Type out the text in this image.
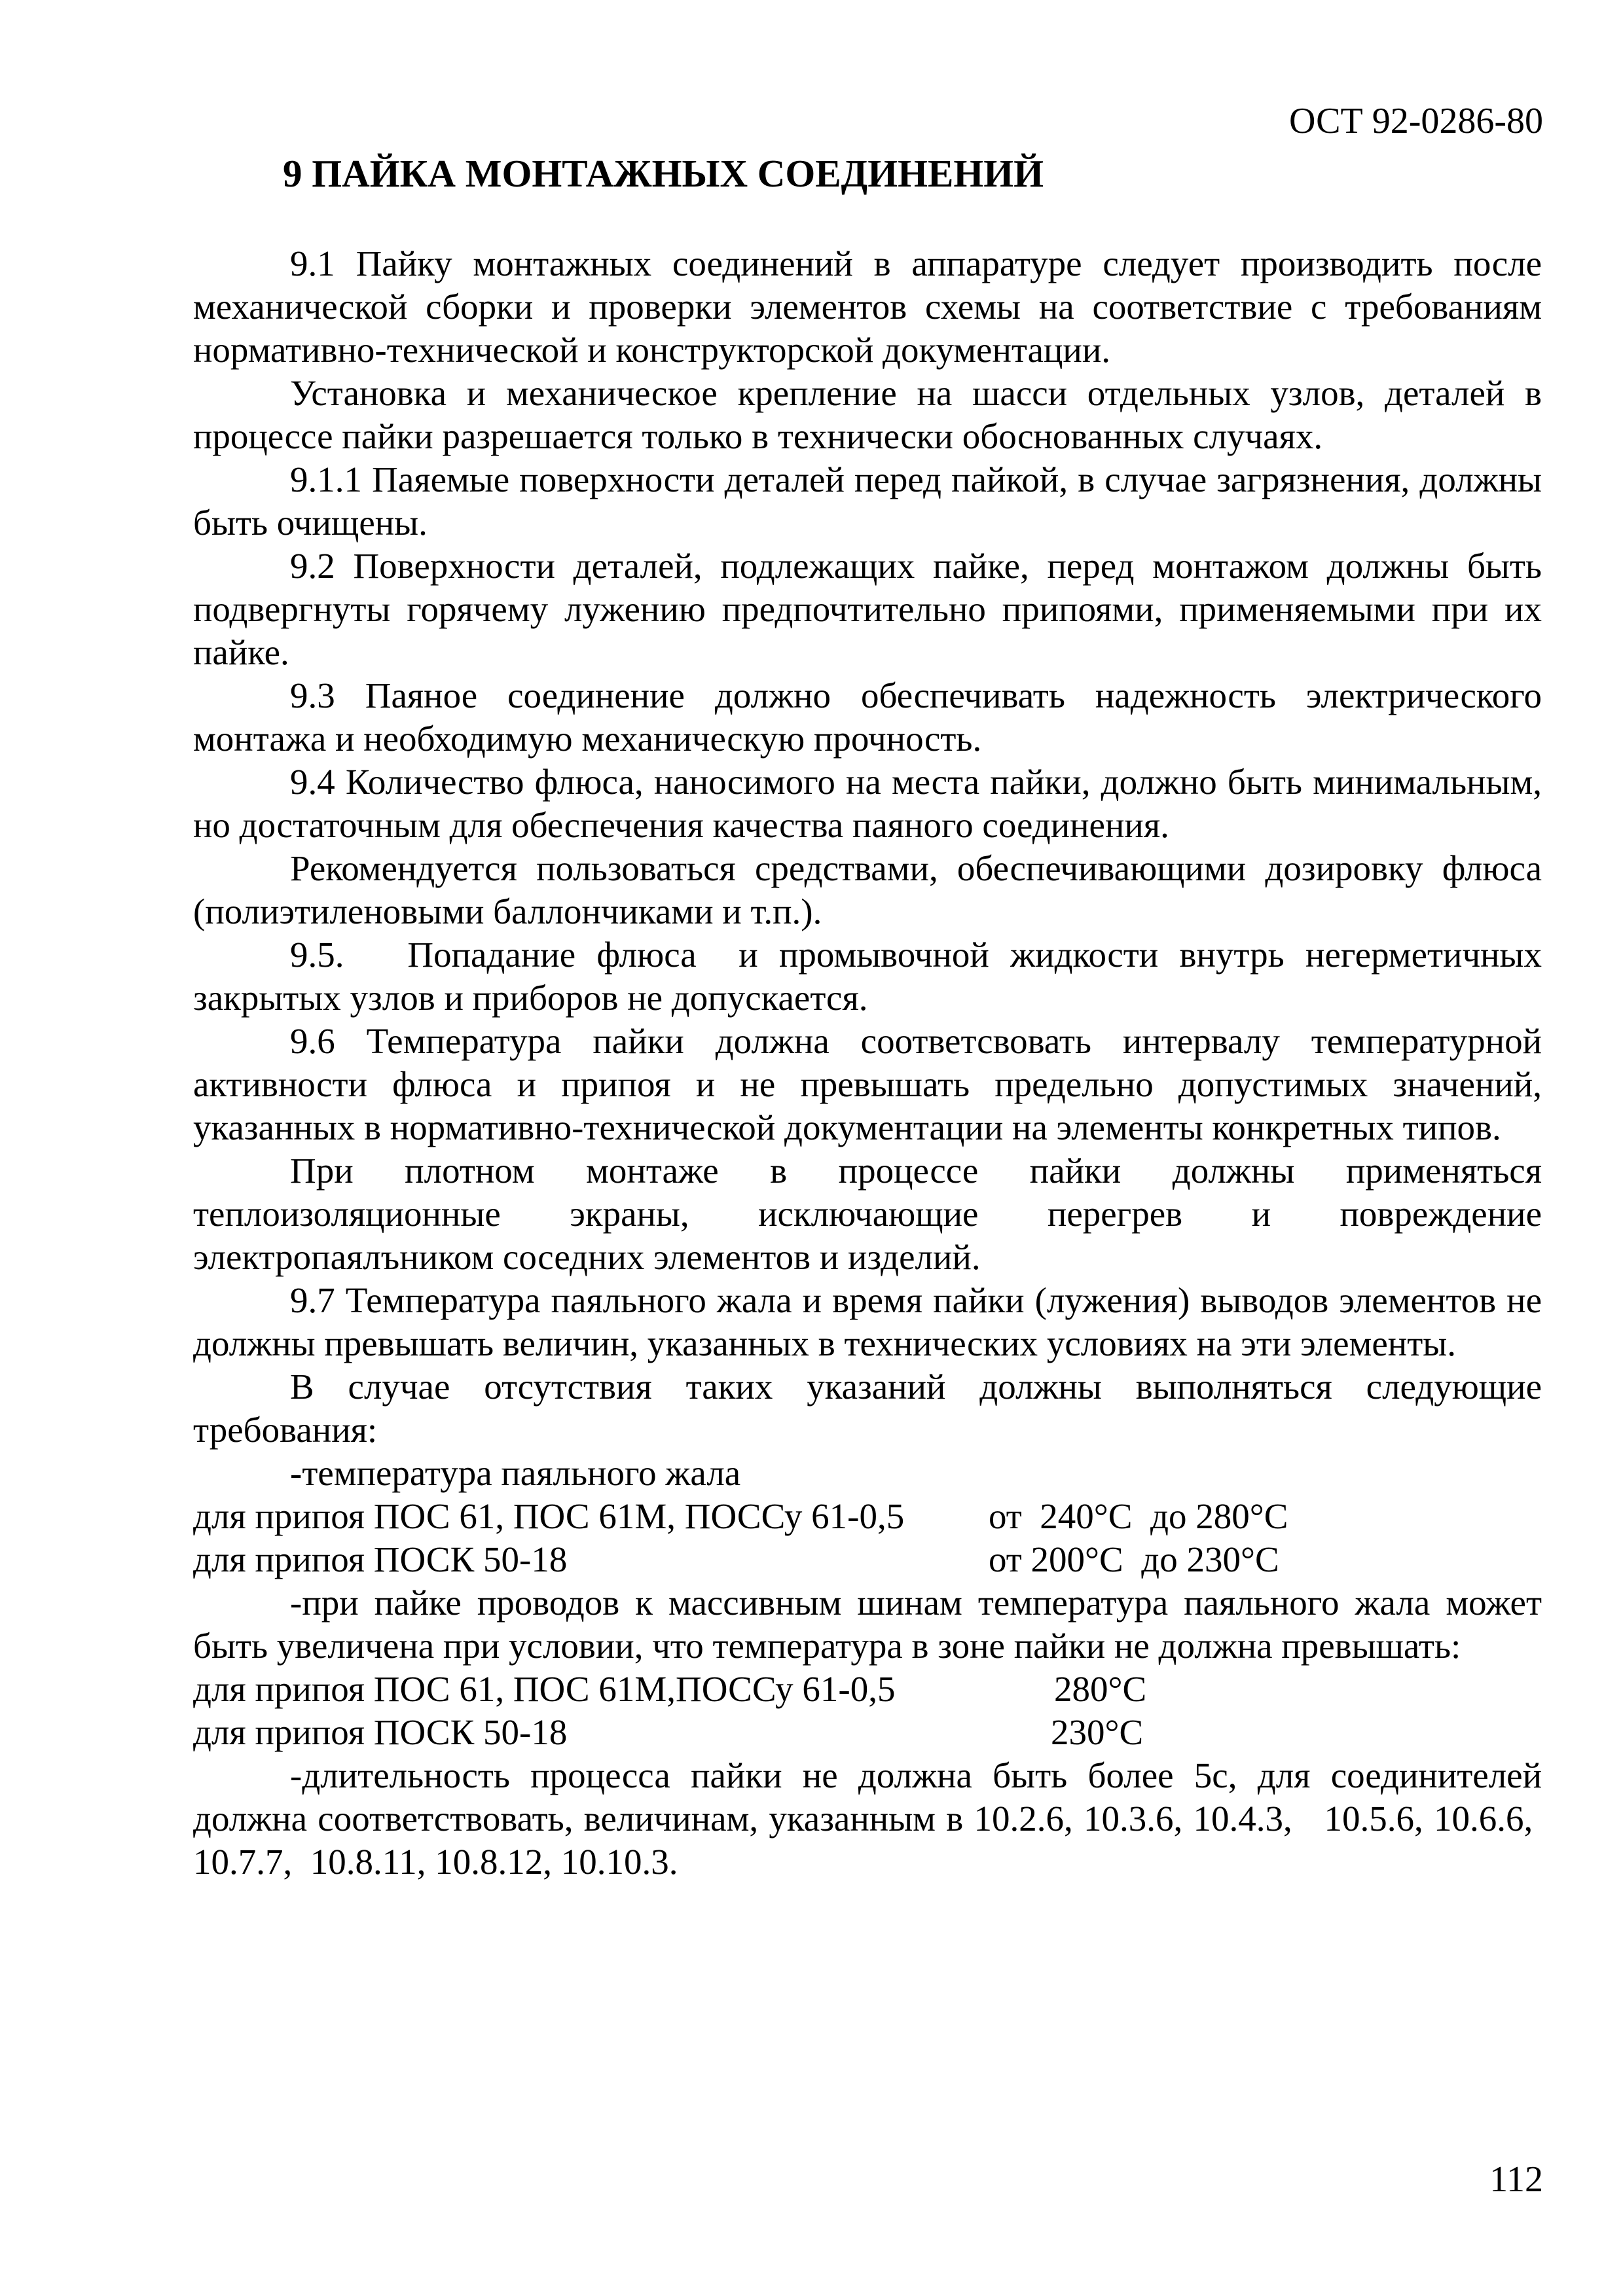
ОСТ 92-0286-80
9 ПАЙКА МОНТАЖНЫХ СОЕДИНЕНИЙ

9.1 Пайку монтажных соединений в аппаратуре следует производить после механической сборки и проверки элементов схемы на соответствие с требованиям нормативно-технической и конструкторской документации.

Установка и механическое крепление на шасси отдельных узлов, деталей в процессе пайки разрешается только в технически обоснованных случаях.

9.1.1 Паяемые поверхности деталей перед пайкой, в случае загрязнения, должны быть очищены.

9.2 Поверхности деталей, подлежащих пайке, перед монтажом должны быть подвергнуты горячему лужению предпочтительно припоями, применяемыми при их пайке.

9.3 Паяное соединение должно обеспечивать надежность электрического монтажа и необходимую механическую прочность.

9.4 Количество флюса, наносимого на места пайки, должно быть минимальным, но достаточным для обеспечения качества паяного соединения.

Рекомендуется пользоваться средствами, обеспечивающими дозировку флюса (полиэтиленовыми баллончиками и т.п.).

9.5.   Попадание флюса  и промывочной жидкости внутрь негерметичных закрытых узлов и приборов не допускается.

9.6 Температура пайки должна соответсвовать интервалу температурной активности флюса и припоя и не превышать предельно допустимых значений, указанных в нормативно-технической документации на элементы конкретных типов.

При плотном монтаже в процессе пайки должны применяться теплоизоляционные экраны, исключающие перегрев и повреждение электропаялъником соседних элементов и изделий.

9.7 Температура паяльного жала и время пайки (лужения) выводов элементов не должны превышать величин, указанных в технических условиях на эти элементы.

В случае отсутствия таких указаний должны выполняться следующие требования:

-температура паяльного жала

для припоя ПОС 61, ПОС 61М, ПОССу 61-0,5 от  240°С  до 280°С
для припоя ПОСК 50-18	от 200°С  до 230°С

-при пайке проводов к массивным шинам температура паяльного жала может быть увеличена при условии, что температура в зоне пайки не должна превышать:

для припоя ПОС 61, ПОС 61М,ПОССу 61-0,5	280°С
для припоя ПОСК 50-18	230°С

-длительность процесса пайки не должна быть более 5с, для соединителей должна соответствовать, величинам, указанным в 10.2.6, 10.3.6, 10.4.3,   10.5.6, 10.6.6,  10.7.7,  10.8.11, 10.8.12, 10.10.3.

112
